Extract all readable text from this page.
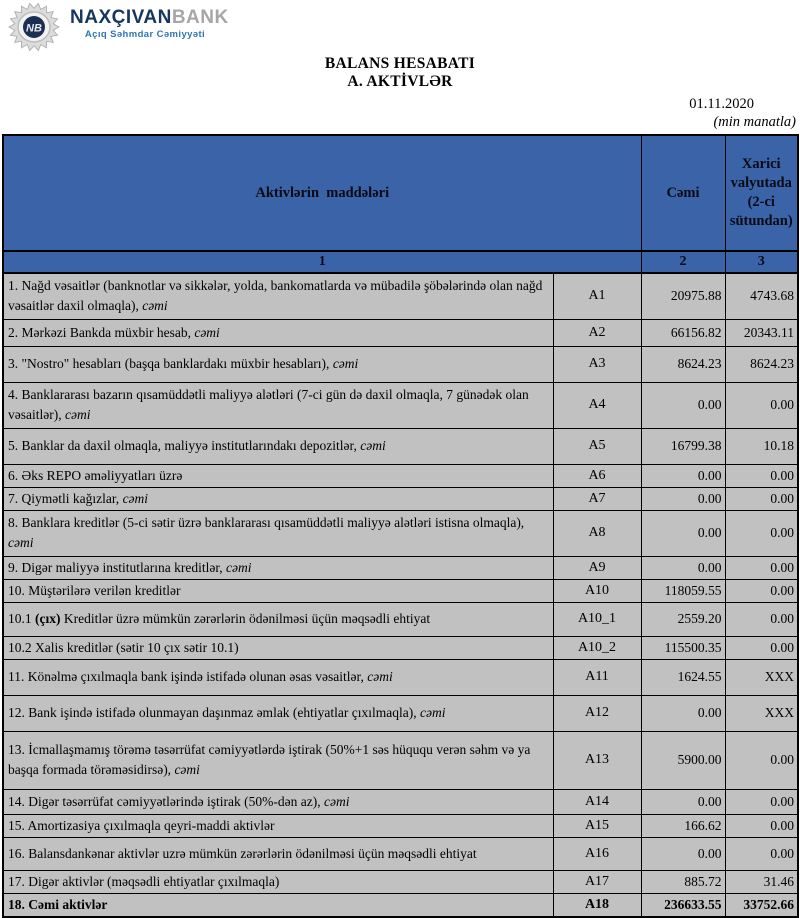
NB
NAXÇIVANBANK
Açıq Səhmdar Cəmiyyəti
BALANS HESABATI
A. AKTİVLƏR
01.11.2020
(min manatla)
Aktivlərin  maddələri		Cəmi	Xarici valyutada (2-ci sütundan)
1		2	3
1. Nağd vəsaitlər (banknotlar və sikkələr, yolda, bankomatlarda və mübadilə şöbələrində olan nağd vəsaitlər daxil olmaqla), cəmi	A1	20975.88	4743.68
2. Mərkəzi Bankda müxbir hesab, cəmi	A2	66156.82	20343.11
3. "Nostro" hesabları (başqa banklardakı müxbir hesabları), cəmi	A3	8624.23	8624.23
4. Banklararası bazarın qısamüddətli maliyyə alətləri (7-ci gün də daxil olmaqla, 7 günədək olan vəsaitlər), cəmi	A4	0.00	0.00
5. Banklar da daxil olmaqla, maliyyə institutlarındakı depozitlər, cəmi	A5	16799.38	10.18
6. Əks REPO əməliyyatları üzrə	A6	0.00	0.00
7. Qiymətli kağızlar, cəmi	A7	0.00	0.00
8. Banklara kreditlər (5-ci sətir üzrə banklararası qısamüddətli maliyyə alətləri istisna olmaqla), cəmi	A8	0.00	0.00
9. Digər maliyyə institutlarına kreditlər, cəmi	A9	0.00	0.00
10. Müştərilərə verilən kreditlər	A10	118059.55	0.00
10.1 (çıx) Kreditlər üzrə mümkün zərərlərin ödənilməsi üçün məqsədli ehtiyat	A10_1	2559.20	0.00
10.2 Xalis kreditlər (sətir 10 çıx sətir 10.1)	A10_2	115500.35	0.00
11. Könəlmə çıxılmaqla bank işində istifadə olunan əsas vəsaitlər, cəmi	A11	1624.55	XXX
12. Bank işində istifadə olunmayan daşınmaz əmlak (ehtiyatlar çıxılmaqla), cəmi	A12	0.00	XXX
13. İcmallaşmamış törəmə təsərrüfat cəmiyyətlərdə iştirak (50%+1 səs hüququ verən səhm və ya başqa formada törəməsidirsə), cəmi	A13	5900.00	0.00
14. Digər təsərrüfat cəmiyyətlərində iştirak (50%-dən az), cəmi	A14	0.00	0.00
15. Amortizasiya çıxılmaqla qeyri-maddi aktivlər	A15	166.62	0.00
16. Balansdankənar aktivlər uzrə mümkün zərərlərin ödənilməsi üçün məqsədli ehtiyat	A16	0.00	0.00
17. Digər aktivlər (məqsədli ehtiyatlar çıxılmaqla)	A17	885.72	31.46
18. Cəmi aktivlər	A18	236633.55	33752.66
